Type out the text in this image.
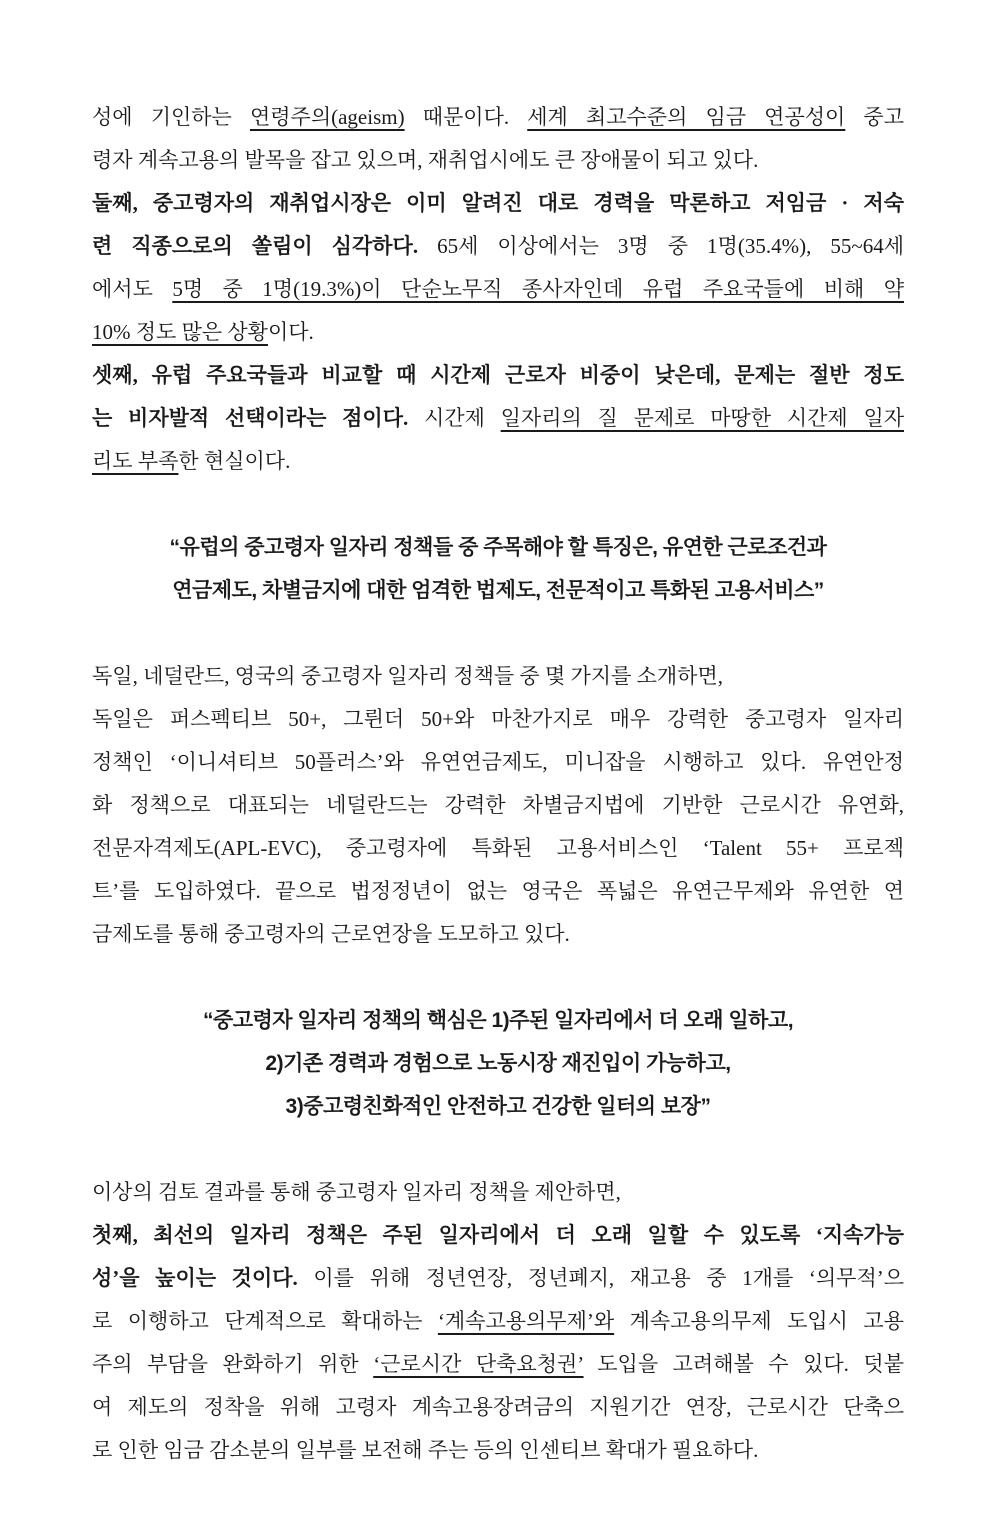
성에 기인하는 연령주의(ageism) 때문이다. 세계 최고수준의 임금 연공성이 중고
령자 계속고용의 발목을 잡고 있으며, 재취업시에도 큰 장애물이 되고 있다.
둘째, 중고령자의 재취업시장은 이미 알려진 대로 경력을 막론하고 저임금 · 저숙
련 직종으로의 쏠림이 심각하다. 65세 이상에서는 3명 중 1명(35.4%), 55~64세
에서도 5명 중 1명(19.3%)이 단순노무직 종사자인데 유럽 주요국들에 비해 약
10% 정도 많은 상황이다.
셋째, 유럽 주요국들과 비교할 때 시간제 근로자 비중이 낮은데, 문제는 절반 정도
는 비자발적 선택이라는 점이다. 시간제 일자리의 질 문제로 마땅한 시간제 일자
리도 부족한 현실이다.
“유럽의 중고령자 일자리 정책들 중 주목해야 할 특징은, 유연한 근로조건과
연금제도, 차별금지에 대한 엄격한 법제도, 전문적이고 특화된 고용서비스”
독일, 네덜란드, 영국의 중고령자 일자리 정책들 중 몇 가지를 소개하면,
독일은 퍼스펙티브 50+, 그륀더 50+와 마찬가지로 매우 강력한 중고령자 일자리
정책인 ‘이니셔티브 50플러스’와 유연연금제도, 미니잡을 시행하고 있다. 유연안정
화 정책으로 대표되는 네덜란드는 강력한 차별금지법에 기반한 근로시간 유연화,
전문자격제도(APL-EVC), 중고령자에 특화된 고용서비스인 ‘Talent 55+ 프로젝
트’를 도입하였다. 끝으로 법정정년이 없는 영국은 폭넓은 유연근무제와 유연한 연
금제도를 통해 중고령자의 근로연장을 도모하고 있다.
“중고령자 일자리 정책의 핵심은 1)주된 일자리에서 더 오래 일하고,
2)기존 경력과 경험으로 노동시장 재진입이 가능하고,
3)중고령친화적인 안전하고 건강한 일터의 보장”
이상의 검토 결과를 통해 중고령자 일자리 정책을 제안하면,
첫째, 최선의 일자리 정책은 주된 일자리에서 더 오래 일할 수 있도록 ‘지속가능
성’을 높이는 것이다. 이를 위해 정년연장, 정년폐지, 재고용 중 1개를 ‘의무적’으
로 이행하고 단계적으로 확대하는 ‘계속고용의무제’와 계속고용의무제 도입시 고용
주의 부담을 완화하기 위한 ‘근로시간 단축요청권’ 도입을 고려해볼 수 있다. 덧붙
여 제도의 정착을 위해 고령자 계속고용장려금의 지원기간 연장, 근로시간 단축으
로 인한 임금 감소분의 일부를 보전해 주는 등의 인센티브 확대가 필요하다.
